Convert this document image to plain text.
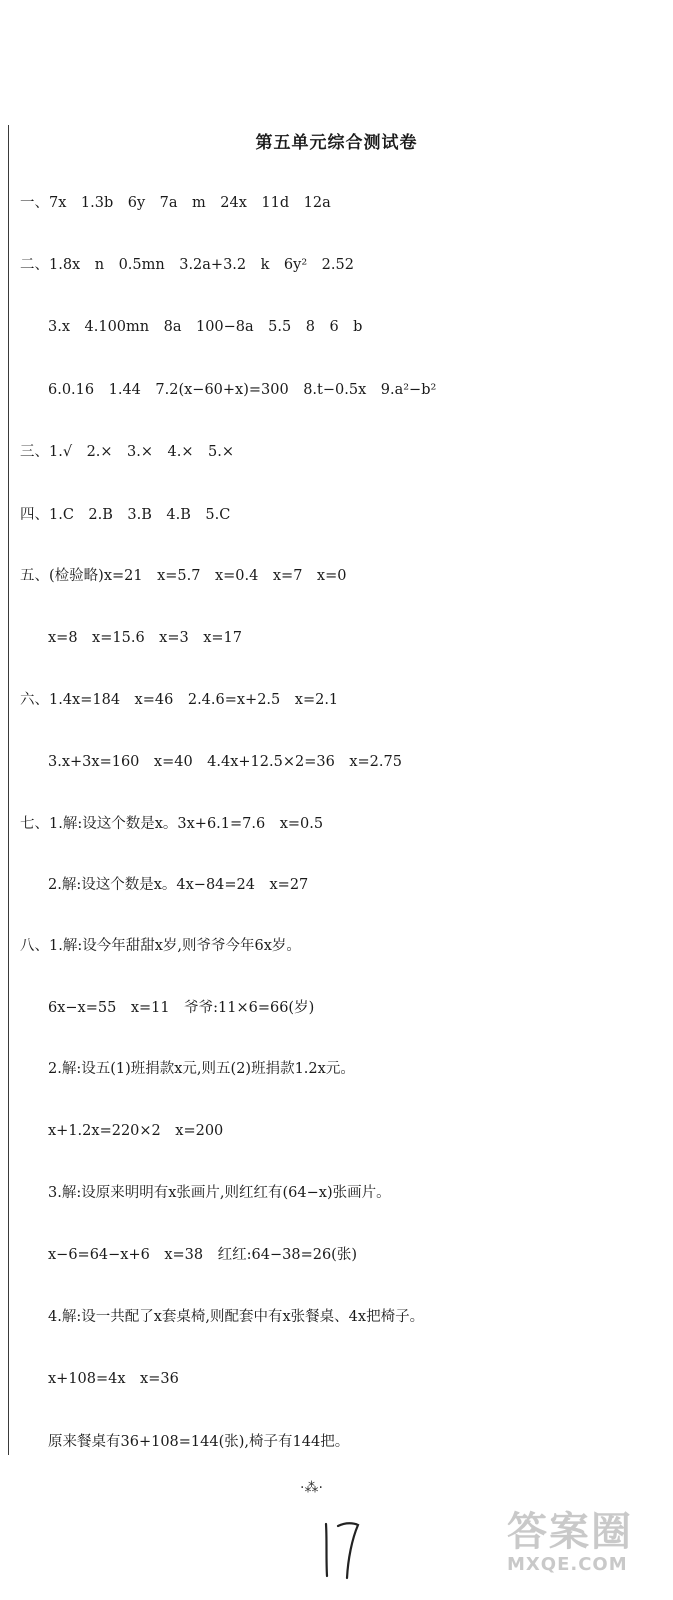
第五单元综合测试卷
一、7x　1.3b　6y　7a　m　24x　11d　12a
二、1.8x　n　0.5mn　3.2a+3.2　k　6y²　2.52
3.x　4.100mn　8a　100−8a　5.5　8　6　b
6.0.16　1.44　7.2(x−60+x)=300　8.t−0.5x　9.a²−b²
三、1.√　2.×　3.×　4.×　5.×
四、1.C　2.B　3.B　4.B　5.C
五、(检验略)x=21　x=5.7　x=0.4　x=7　x=0
x=8　x=15.6　x=3　x=17
六、1.4x=184　x=46　2.4.6=x+2.5　x=2.1
3.x+3x=160　x=40　4.4x+12.5×2=36　x=2.75
七、1.解:设这个数是x。3x+6.1=7.6　x=0.5
2.解:设这个数是x。4x−84=24　x=27
八、1.解:设今年甜甜x岁,则爷爷今年6x岁。
6x−x=55　x=11　爷爷:11×6=66(岁)
2.解:设五(1)班捐款x元,则五(2)班捐款1.2x元。
x+1.2x=220×2　x=200
3.解:设原来明明有x张画片,则红红有(64−x)张画片。
x−6=64−x+6　x=38　红红:64−38=26(张)
4.解:设一共配了x套桌椅,则配套中有x张餐桌、4x把椅子。
x+108=4x　x=36
原来餐桌有36+108=144(张),椅子有144把。
·⁂·
答案圈
MXQE.COM
